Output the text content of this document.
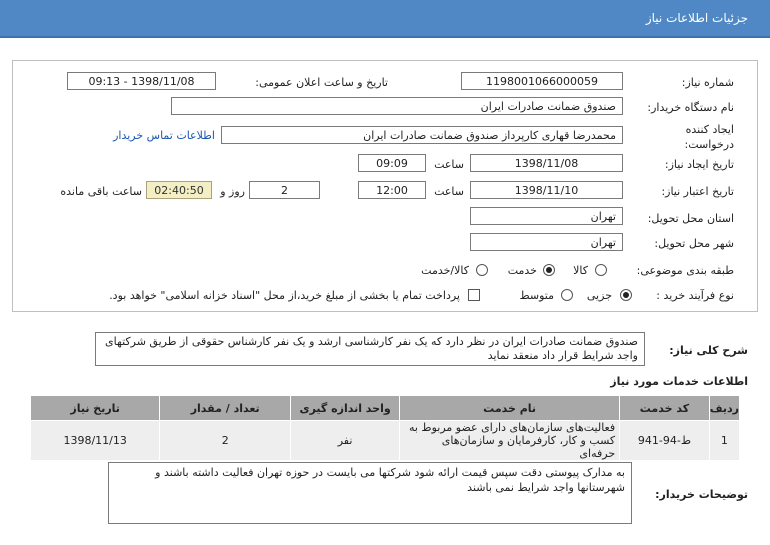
جزئیات اطلاعات نیاز
شماره نیاز:
1198001066000059
تاریخ و ساعت اعلان عمومی:
1398/11/08 - 09:13
نام دستگاه خریدار:
صندوق ضمانت صادرات ایران
ایجاد کننده درخواست:
محمدرضا قهاری کارپرداز صندوق ضمانت صادرات ایران
اطلاعات تماس خریدار
تاریخ ایجاد نیاز:
1398/11/08
ساعت
09:09
تاریخ اعتبار نیاز:
1398/11/10
ساعت
12:00
2
روز و
02:40:50
ساعت باقی مانده
استان محل تحویل:
تهران
شهر محل تحویل:
تهران
طبقه بندی موضوعی:
کالا
خدمت
کالا/خدمت
نوع فرآیند خرید :
جزیی
متوسط
پرداخت تمام یا بخشی از مبلغ خرید،از محل "اسناد خزانه اسلامی" خواهد بود.
شرح کلی نیاز:
صندوق ضمانت صادرات ایران در نظر دارد که یک نفر کارشناسی ارشد و یک نفر کارشناس حقوقی از طریق شرکتهای واجد شرایط قرار داد منعقد نماید
اطلاعات خدمات مورد نیاز
ردیف	کد خدمت	نام خدمت	واحد اندازه گیری	تعداد / مقدار	تاریخ نیاز
1	ط-94-941	فعالیت‌های سازمان‌های دارای عضو مربوط به کسب و کار، کارفرمایان و سازمان‌های حرفه‌ای	نفر	2	1398/11/13
توضیحات خریدار:
به مدارک پیوستی دقت سپس قیمت ارائه شود شرکتها می بایست در حوزه تهران فعالیت داشته باشند و شهرستانها واجد شرایط نمی باشند
